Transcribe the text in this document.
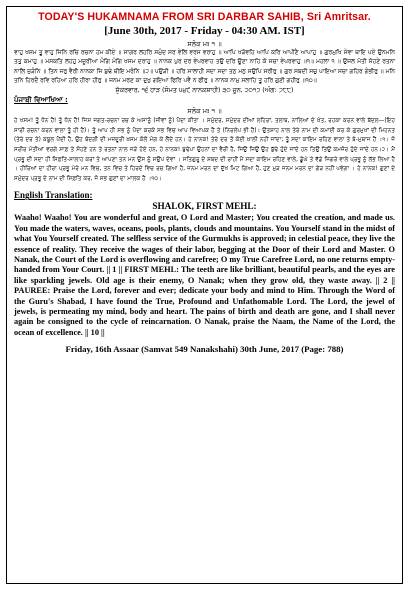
TODAY'S HUKAMNAMA FROM SRI DARBAR SAHIB, Sri Amritsar.
[June 30th, 2017 - Friday - 04:30 AM. IST]
ਸਲੋਕ ਮਃ ੧ ॥
ਵਾਹੁ ਖਸਮ ਤੂ ਵਾਹੁ ਜਿਨਿ ਰਚਿ ਰਚਨਾ ਹਮ ਕੀਏ ॥ ਸਾਗਰ ਲਹਰਿ ਸਮੁੰਦ ਸਰ ਵੇਲਿ ਵਰਸ ਵਰਾਹੁ ॥ ਆਪਿ ਖੜੋਵਹਿ ਆਪਿ ਕਰਿ ਆਪੀਣੈ ਆਪਾਹੁ ॥ ਗੁਰਮੁਖਿ ਸੇਵਾ ਥਾਇ ਪਏ ਉਨਮਨਿ ਤਤੁ ਕਮਾਹੁ ॥ ਮਸਕਤਿ ਲਹਹੁ ਮਜੂਰੀਆ ਮੰਗਿ ਮੰਗਿ ਖਸਮ ਦਰਾਹੁ ॥ ਨਾਨਕ ਪੁਰ ਦਰ ਵੇਪਰਵਾਹ ਤਉ ਦਰਿ ਊਣਾ ਨਾਹਿ ਕੋ ਸਚਾ ਵੇਪਰਵਾਹੁ ॥੧॥ ਮਹਲਾ ੧ ॥ ਉਜਲ ਮੋਤੀ ਸੋਹਣੇ ਰਤਨਾ ਨਾਲਿ ਜੁੜੰਨਿ ॥ ਤਿਨ ਜਰੁ ਵੈਰੀ ਨਾਨਕਾ ਜਿ ਬੁਢੇ ਥੀਇ ਮਰੰਨਿ ॥੨॥ ਪਉੜੀ ॥ ਹਰਿ ਸਾਲਾਹੀ ਸਦਾ ਸਦਾ ਤਨੁ ਮਨੁ ਸਉਪਿ ਸਰੀਰੁ ॥ ਗੁਰ ਸਬਦੀ ਸਚੁ ਪਾਇਆ ਸਚਾ ਗਹਿਰ ਗੰਭੀਰੁ ॥ ਮਨਿ ਤਨਿ ਹਿਰਦੈ ਰਵਿ ਰਹਿਆ ਹਰਿ ਹੀਰਾ ਹੀਰੁ ॥ ਜਨਮ ਮਰਣ ਕਾ ਦੁਖੁ ਗਇਆ ਫਿਰਿ ਪਵੈ ਨ ਫੀਰੁ ॥ ਨਾਨਕ ਨਾਮੁ ਸਲਾਹਿ ਤੂ ਹਰਿ ਗੁਣੀ ਗਹੀਰੁ ॥੧੦॥
ਸ਼ੁੱਕਰਵਾਰ, ੧੬ ਹਾੜ (ਸੰਮਤ ੫੪੯ ਨਾਨਕਸ਼ਾਹੀ) ੩੦ ਜੂਨ, ੨੦੧੭ (ਅੰਗ: ੭੮੮)
ਪੰਜਾਬੀ ਵਿਆਖਿਆ :
ਸਲੋਕ ਮਃ ੧ ॥
ਹੇ ਖਸਮ! ਤੂੰ ਧੰਨ ਹੈਂ! ਤੂੰ ਧੰਨ ਹੈਂ! ਜਿਸ ਜਗਤ-ਰਚਨਾ ਰਚ ਕੇ ਅਸਾਨੂੰ (ਜੀਵਾਂ ਨੂੰ) ਪੈਦਾ ਕੀਤਾ । ਸਮੁੰਦਰ, ਸਮੁੰਦਰ ਦੀਆਂ ਲਹਿਰਾਂ, ਤਲਾਬ, ਨਾਲਿਆਂ ਦੇ ਖ਼ੇਤ, ਰਹਕਾ ਕਰਨ ਵਾਲੇ ਬੱਦਲ—(ਇਹ ਸਾਰੀ ਰਚਨਾ ਕਰਨ ਵਾਲਾ ਤੂੰ ਹੀ ਹੈਂ)। ਤੂੰ ਆਪ ਹੀ ਸਭ ਨੂੰ ਪੈਦਾ ਕਰਕੇ ਸਭ ਵਿਚ ਆਪ ਵਿਆਪਕ ਹੈਂ ਤੇ (ਨਿਰਲੇਪ ਭੀ ਹੈਂ)। ਉਤਸ਼ਾਹ ਨਾਲ ਤੇਰੇ ਨਾਮ ਦੀ ਕਮਾਈ ਕਰ ਕੇ ਗੁਰਮੁਖਾਂ ਦੀ ਮਿਹਨਤ (ਤੇਰੇ ਦਰ ਤੇ) ਕਬੂਲ ਪੈਂਦੀ ਹੈ, ਉਹ ਬੰਦਗੀ ਦੀ ਮਜ਼ਦੂਰੀ ਖ਼ਸਮ ਕੋਲੋਂ ਮੰਗ ਕੇ ਲੈਂਦੇ ਹਨ। ਹੇ ਨਾਨਕ! ਤੇਰੇ ਦਰ ਤੋਂ ਕੋਈ ਖ਼ਾਲੀ ਨਹੀਂ ਜਾਂਦਾ; ਤੂੰ ਸਦਾ ਕਾਇਮ ਰਹਿਣ ਵਾਲਾ ਤੇ ਬੇ-ਮੁਥਾਜ ਹੈਂ ।੧। ਜੋ ਸਰੀਰ ਮੋਤੀਆਂ ਵਰਗੇ ਸਾਫ਼ ਤੇ ਸੋਹਣੇ ਹਨ ਤੇ ਰਤਨਾਂ ਨਾਲ ਜੜੇ ਹੋਏ ਹਨ, ਹੇ ਨਾਨਕ! ਬੁਢੇਪਾ ਉਹਨਾਂ ਦਾ ਵੈਰੀ ਹੈ, ਜਿਉਂ ਜਿਉਂ ਉਹ ਬੁੱਢੇ ਹੁੰਦੇ ਜਾਂਦੇ ਹਨ ਤਿਉਂ ਤਿਉਂ ਕਮਜ਼ੋਰ ਹੁੰਦੇ ਜਾਂਦੇ ਹਨ।੨। ਮੈਂ ਪ੍ਰਭੂ ਦੀ ਸਦਾ ਹੀ ਸਿਫ਼ਤਿ-ਸਾਲਾਹ ਕਰਾਂ ਤੇ ਆਪਣਾ ਤਨ ਮਨ ਉਸ ਨੂੰ ਸਉਂਪ ਦੇਵਾਂ । ਸਤਿਗੁਰੂ ਦੇ ਸ਼ਬਦ ਦੀ ਰਾਹੀਂ ਮੈਂ ਸਦਾ ਕਾਇਮ ਰਹਿਣ ਵਾਲੇ, ਡੂੰਘੇ ਤੇ ਵੱਡੇ ਜਿਗਰੇ ਵਾਲੇ ਪ੍ਰਭੂ ਨੂੰ ਲੱਭ ਲਿਆ ਹੈ । ਹੀਰਿਆਂ ਦਾ ਹੀਰਾ ਪ੍ਰਭੂ ਮੇਰੇ ਮਨ ਵਿਚ, ਤਨ ਵਿਚ ਤੇ ਹਿਰਦੇ ਵਿਚ ਰਚ ਗਿਆ ਹੈ, ਜਨਮ ਮਰਨ ਦਾ ਦੁੱਖ ਮਿਟ ਗਿਆ ਹੈ, ਹੁਣ ਮੁੜ ਜਨਮ ਮਰਨ ਦਾ ਗੇੜ ਨਹੀਂ ਪਵੇਗਾ । ਹੇ ਨਾਨਕ! ਗੁਣਾਂ ਦੇ ਸਮੁੰਦਰ ਪ੍ਰਭੂ ਦੇ ਨਾਮ ਦੀ ਸਿਫ਼ਤਿ ਕਰ, ਜੋ ਸਭ ਗੁਣਾਂ ਦਾ ਮਾਲਕ ਹੈ ।੧੦।
English Translation:
SHALOK, FIRST MEHL:
Waaho! Waaho! You are wonderful and great, O Lord and Master; You created the creation, and made us. You made the waters, waves, oceans, pools, plants, clouds and mountains. You Yourself stand in the midst of what You Yourself created. The selfless service of the Gurmukhs is approved; in celestial peace, they live the essence of reality. They receive the wages of their labor, begging at the Door of their Lord and Master. O Nanak, the Court of the Lord is overflowing and carefree; O my True Carefree Lord, no one returns empty-handed from Your Court. || 1 || FIRST MEHL: The teeth are like brilliant, beautiful pearls, and the eyes are like sparkling jewels. Old age is their enemy, O Nanak; when they grow old, they waste away. || 2 || PAUREE: Praise the Lord, forever and ever; dedicate your body and mind to Him. Through the Word of the Guru's Shabad, I have found the True, Profound and Unfathomable Lord. The Lord, the jewel of jewels, is permeating my mind, body and heart. The pains of birth and death are gone, and I shall never again be consigned to the cycle of reincarnation. O Nanak, praise the Naam, the Name of the Lord, the ocean of excellence. || 10 ||
Friday, 16th Assaar (Samvat 549 Nanakshahi) 30th June, 2017 (Page: 788)
